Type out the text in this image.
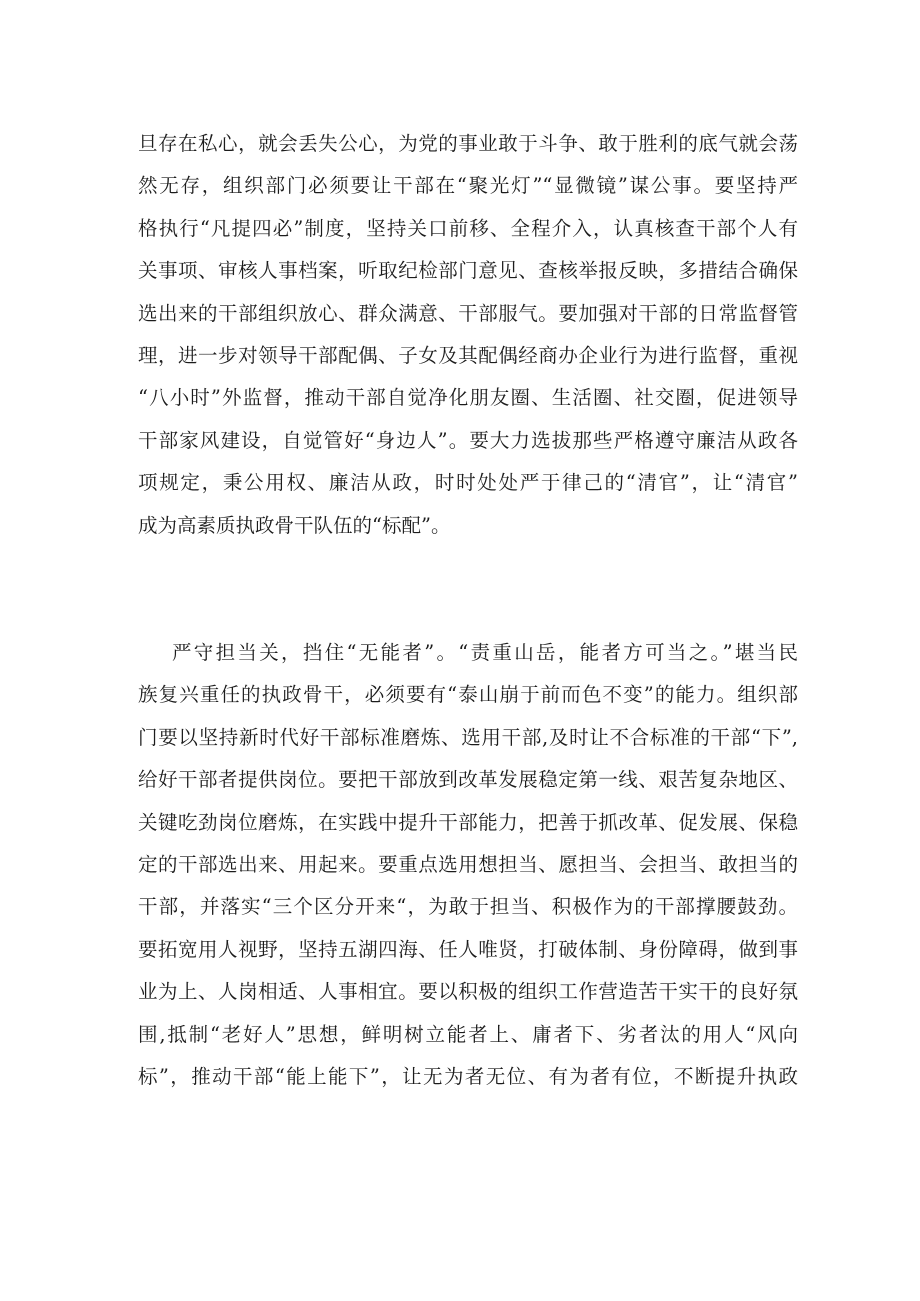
旦存在私心，就会丢失公心，为党的事业敢于斗争、敢于胜利的底气就会荡
然无存，组织部门必须要让干部在“聚光灯”“显微镜”谋公事。要坚持严
格执行“凡提四必”制度，坚持关口前移、全程介入，认真核查干部个人有
关事项、审核人事档案，听取纪检部门意见、查核举报反映，多措结合确保
选出来的干部组织放心、群众满意、干部服气。要加强对干部的日常监督管
理，进一步对领导干部配偶、子女及其配偶经商办企业行为进行监督，重视
“八小时”外监督，推动干部自觉净化朋友圈、生活圈、社交圈，促进领导
干部家风建设，自觉管好“身边人”。要大力选拔那些严格遵守廉洁从政各
项规定，秉公用权、廉洁从政，时时处处严于律己的“清官”，让“清官”
成为高素质执政骨干队伍的“标配”。
严守担当关，挡住“无能者”。“责重山岳，能者方可当之。”堪当民
族复兴重任的执政骨干，必须要有“泰山崩于前而色不变”的能力。组织部
门要以坚持新时代好干部标准磨炼、选用干部,及时让不合标准的干部“下”,
给好干部者提供岗位。要把干部放到改革发展稳定第一线、艰苦复杂地区、
关键吃劲岗位磨炼，在实践中提升干部能力，把善于抓改革、促发展、保稳
定的干部选出来、用起来。要重点选用想担当、愿担当、会担当、敢担当的
干部，并落实“三个区分开来“，为敢于担当、积极作为的干部撑腰鼓劲。
要拓宽用人视野，坚持五湖四海、任人唯贤，打破体制、身份障碍，做到事
业为上、人岗相适、人事相宜。要以积极的组织工作营造苦干实干的良好氛
围,抵制“老好人”思想，鲜明树立能者上、庸者下、劣者汰的用人“风向
标”，推动干部“能上能下”，让无为者无位、有为者有位，不断提升执政
